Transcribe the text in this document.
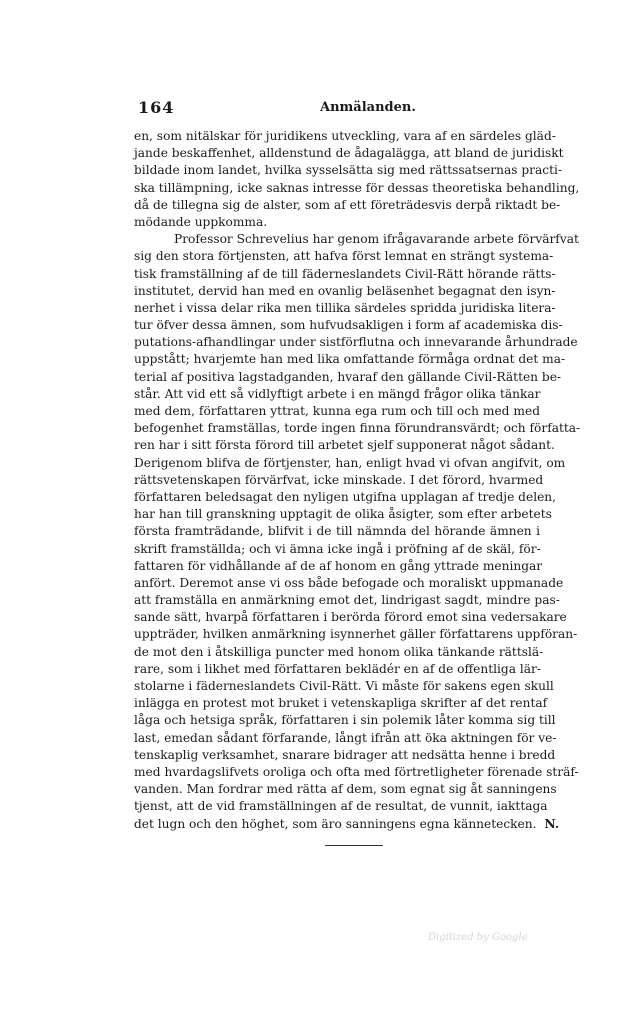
164	Anmälanden.
en, som nitälskar för juridikens utveckling, vara af en särdeles gläd-
jande beskaffenhet, alldenstund de ådagalägga, att bland de juridiskt
bildade inom landet, hvilka sysselsätta sig med rättssatsernas practi-
ska tillämpning, icke saknas intresse för dessas theoretiska behandling,
då de tillegna sig de alster, som af ett företrädesvis derpå riktadt be-
mödande uppkomma.
Professor Schrevelius har genom ifrågavarande arbete förvärfvat
sig den stora förtjensten, att hafva först lemnat en strängt systema-
tisk framställning af de till fäderneslandets Civil-Rätt hörande rätts-
institutet, dervid han med en ovanlig beläsenhet begagnat den isyn-
nerhet i vissa delar rika men tillika särdeles spridda juridiska litera-
tur öfver dessa ämnen, som hufvudsakligen i form af academiska dis-
putations-afhandlingar under sistförflutna och innevarande århundrade
uppstått; hvarjemte han med lika omfattande förmåga ordnat det ma-
terial af positiva lagstadganden, hvaraf den gällande Civil-Rätten be-
står. Att vid ett så vidlyftigt arbete i en mängd frågor olika tänkar
med dem, författaren yttrat, kunna ega rum och till och med med
befogenhet framställas, torde ingen finna förundransvärdt; och författa-
ren har i sitt första förord till arbetet sjelf supponerat något sådant.
Derigenom blifva de förtjenster, han, enligt hvad vi ofvan angifvit, om
rättsvetenskapen förvärfvat, icke minskade. I det förord, hvarmed
författaren beledsagat den nyligen utgifna upplagan af tredje delen,
har han till granskning upptagit de olika åsigter, som efter arbetets
första framträdande, blifvit i de till nämnda del hörande ämnen i
skrift framställda; och vi ämna icke ingå i pröfning af de skäl, för-
fattaren för vidhållande af de af honom en gång yttrade meningar
anfört. Deremot anse vi oss både befogade och moraliskt uppmanade
att framställa en anmärkning emot det, lindrigast sagdt, mindre pas-
sande sätt, hvarpå författaren i berörda förord emot sina vedersakare
uppträder, hvilken anmärkning isynnerhet gäller författarens uppföran-
de mot den i åtskilliga puncter med honom olika tänkande rättslä-
rare, som i likhet med författaren beklädér en af de offentliga lär-
stolarne i fäderneslandets Civil-Rätt. Vi måste för sakens egen skull
inlägga en protest mot bruket i vetenskapliga skrifter af det rentaf
låga och hetsiga språk, författaren i sin polemik låter komma sig till
last, emedan sådant förfarande, långt ifrån att öka aktningen för ve-
tenskaplig verksamhet, snarare bidrager att nedsätta henne i bredd
med hvardagslifvets oroliga och ofta med förtretligheter förenade sträf-
vanden. Man fordrar med rätta af dem, som egnat sig åt sanningens
tjenst, att de vid framställningen af de resultat, de vunnit, iakttaga
det lugn och den höghet, som äro sanningens egna kännetecken. N.
Digitized by Google
